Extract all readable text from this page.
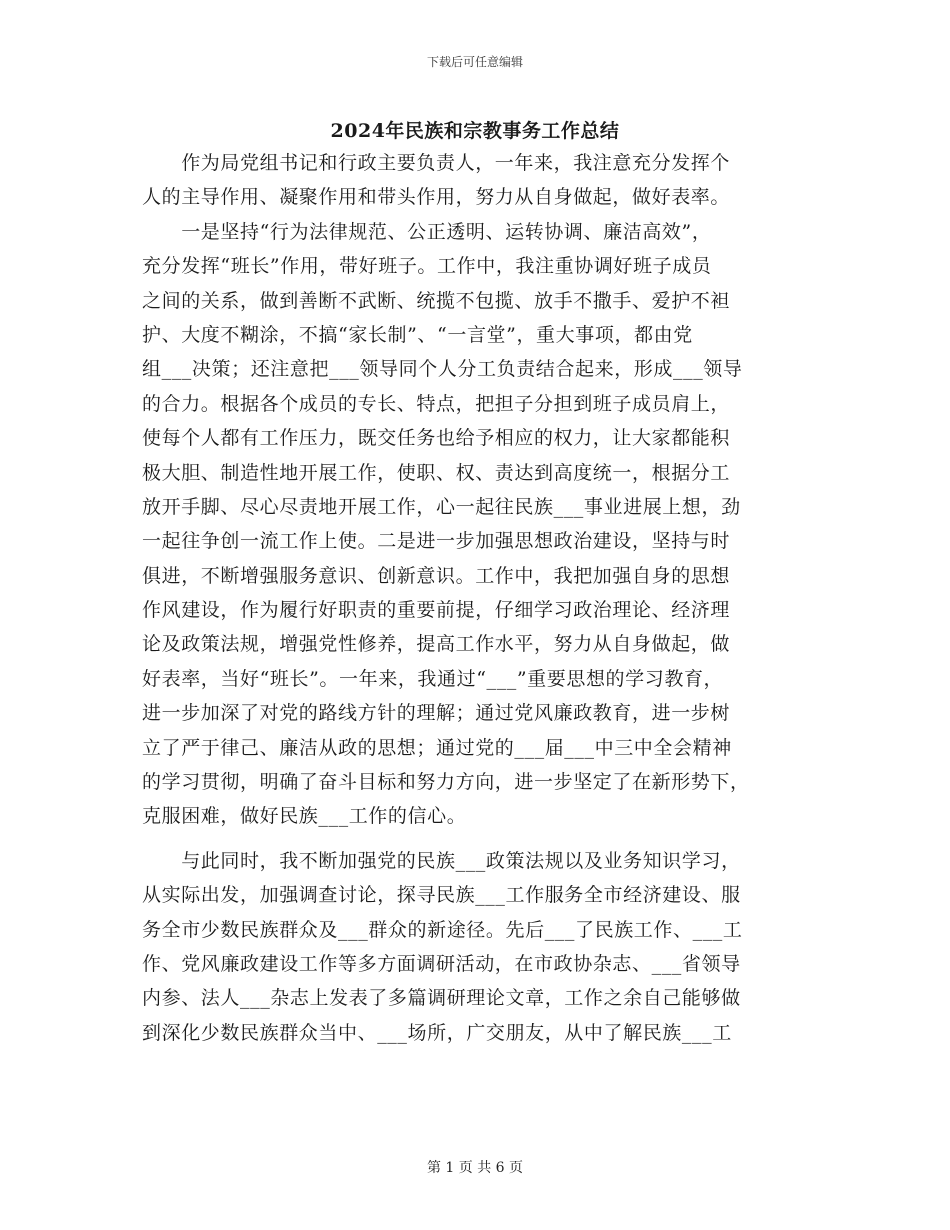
下载后可任意编辑
2024年民族和宗教事务工作总结
　　作为局党组书记和行政主要负责人，一年来，我注意充分发挥个
人的主导作用、凝聚作用和带头作用，努力从自身做起，做好表率。
　　一是坚持“行为法律规范、公正透明、运转协调、廉洁高效”，
充分发挥“班长”作用，带好班子。工作中，我注重协调好班子成员
之间的关系，做到善断不武断、统揽不包揽、放手不撒手、爱护不袒
护、大度不糊涂，不搞“家长制”、“一言堂”，重大事项，都由党
组___决策；还注意把___领导同个人分工负责结合起来，形成___领导
的合力。根据各个成员的专长、特点，把担子分担到班子成员肩上，
使每个人都有工作压力，既交任务也给予相应的权力，让大家都能积
极大胆、制造性地开展工作，使职、权、责达到高度统一，根据分工
放开手脚、尽心尽责地开展工作，心一起往民族___事业进展上想，劲
一起往争创一流工作上使。二是进一步加强思想政治建设，坚持与时
俱进，不断增强服务意识、创新意识。工作中，我把加强自身的思想
作风建设，作为履行好职责的重要前提，仔细学习政治理论、经济理
论及政策法规，增强党性修养，提高工作水平，努力从自身做起，做
好表率，当好“班长”。一年来，我通过“___”重要思想的学习教育，
进一步加深了对党的路线方针的理解；通过党风廉政教育，进一步树
立了严于律己、廉洁从政的思想；通过党的___届___中三中全会精神
的学习贯彻，明确了奋斗目标和努力方向，进一步坚定了在新形势下，
克服困难，做好民族___工作的信心。
　　与此同时，我不断加强党的民族___政策法规以及业务知识学习，
从实际出发，加强调查讨论，探寻民族___工作服务全市经济建设、服
务全市少数民族群众及___群众的新途径。先后___了民族工作、___工
作、党风廉政建设工作等多方面调研活动，在市政协杂志、___省领导
内参、法人___杂志上发表了多篇调研理论文章，工作之余自己能够做
到深化少数民族群众当中、___场所，广交朋友，从中了解民族___工
第 1 页 共 6 页
